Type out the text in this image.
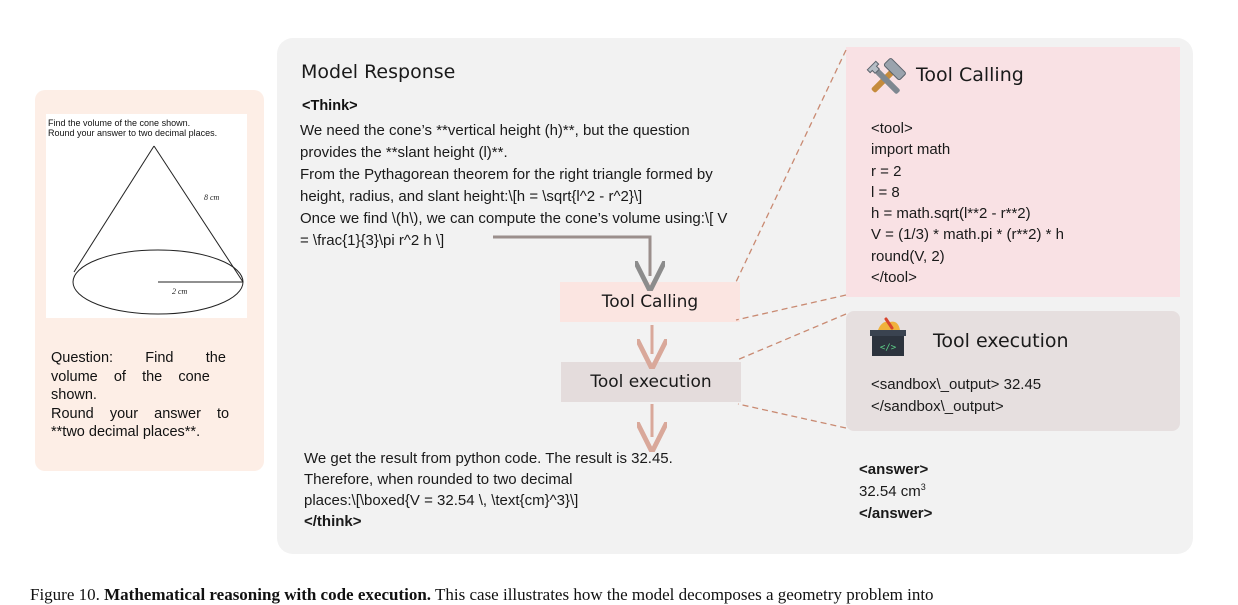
Find the volume of the cone shown.
Round your answer to two decimal places.
8 cm
2 cm
Question:        Find        the
volume    of    the    cone
shown.
Round    your    answer    to
**two decimal places**.
Model Response
<Think>
We need the cone’s **vertical height (h)**, but the question
provides the **slant height (l)**.
From the Pythagorean theorem for the right triangle formed by
height, radius, and slant height:\[h = \sqrt{l^2 - r^2}\]
Once we find \(h\), we can compute the cone’s volume using:\[ V
= \frac{1}{3}\pi r^2 h \]
Tool Calling
Tool execution
We get the result from python code. The result is 32.45.
Therefore, when rounded to two decimal
places:\[\boxed{V = 32.54 \, \text{cm}^3}\]
</think>
Tool Calling
<tool>
import math
r = 2
l = 8
h = math.sqrt(l**2 - r**2)
V = (1/3) * math.pi * (r**2) * h
round(V, 2)
</tool>
</> Tool execution
<sandbox\_output> 32.45
</sandbox\_output>
<answer>
32.54 $cm^3$
</answer>
Figure 10. Mathematical reasoning with code execution. This case illustrates how the model decomposes a geometry problem into
